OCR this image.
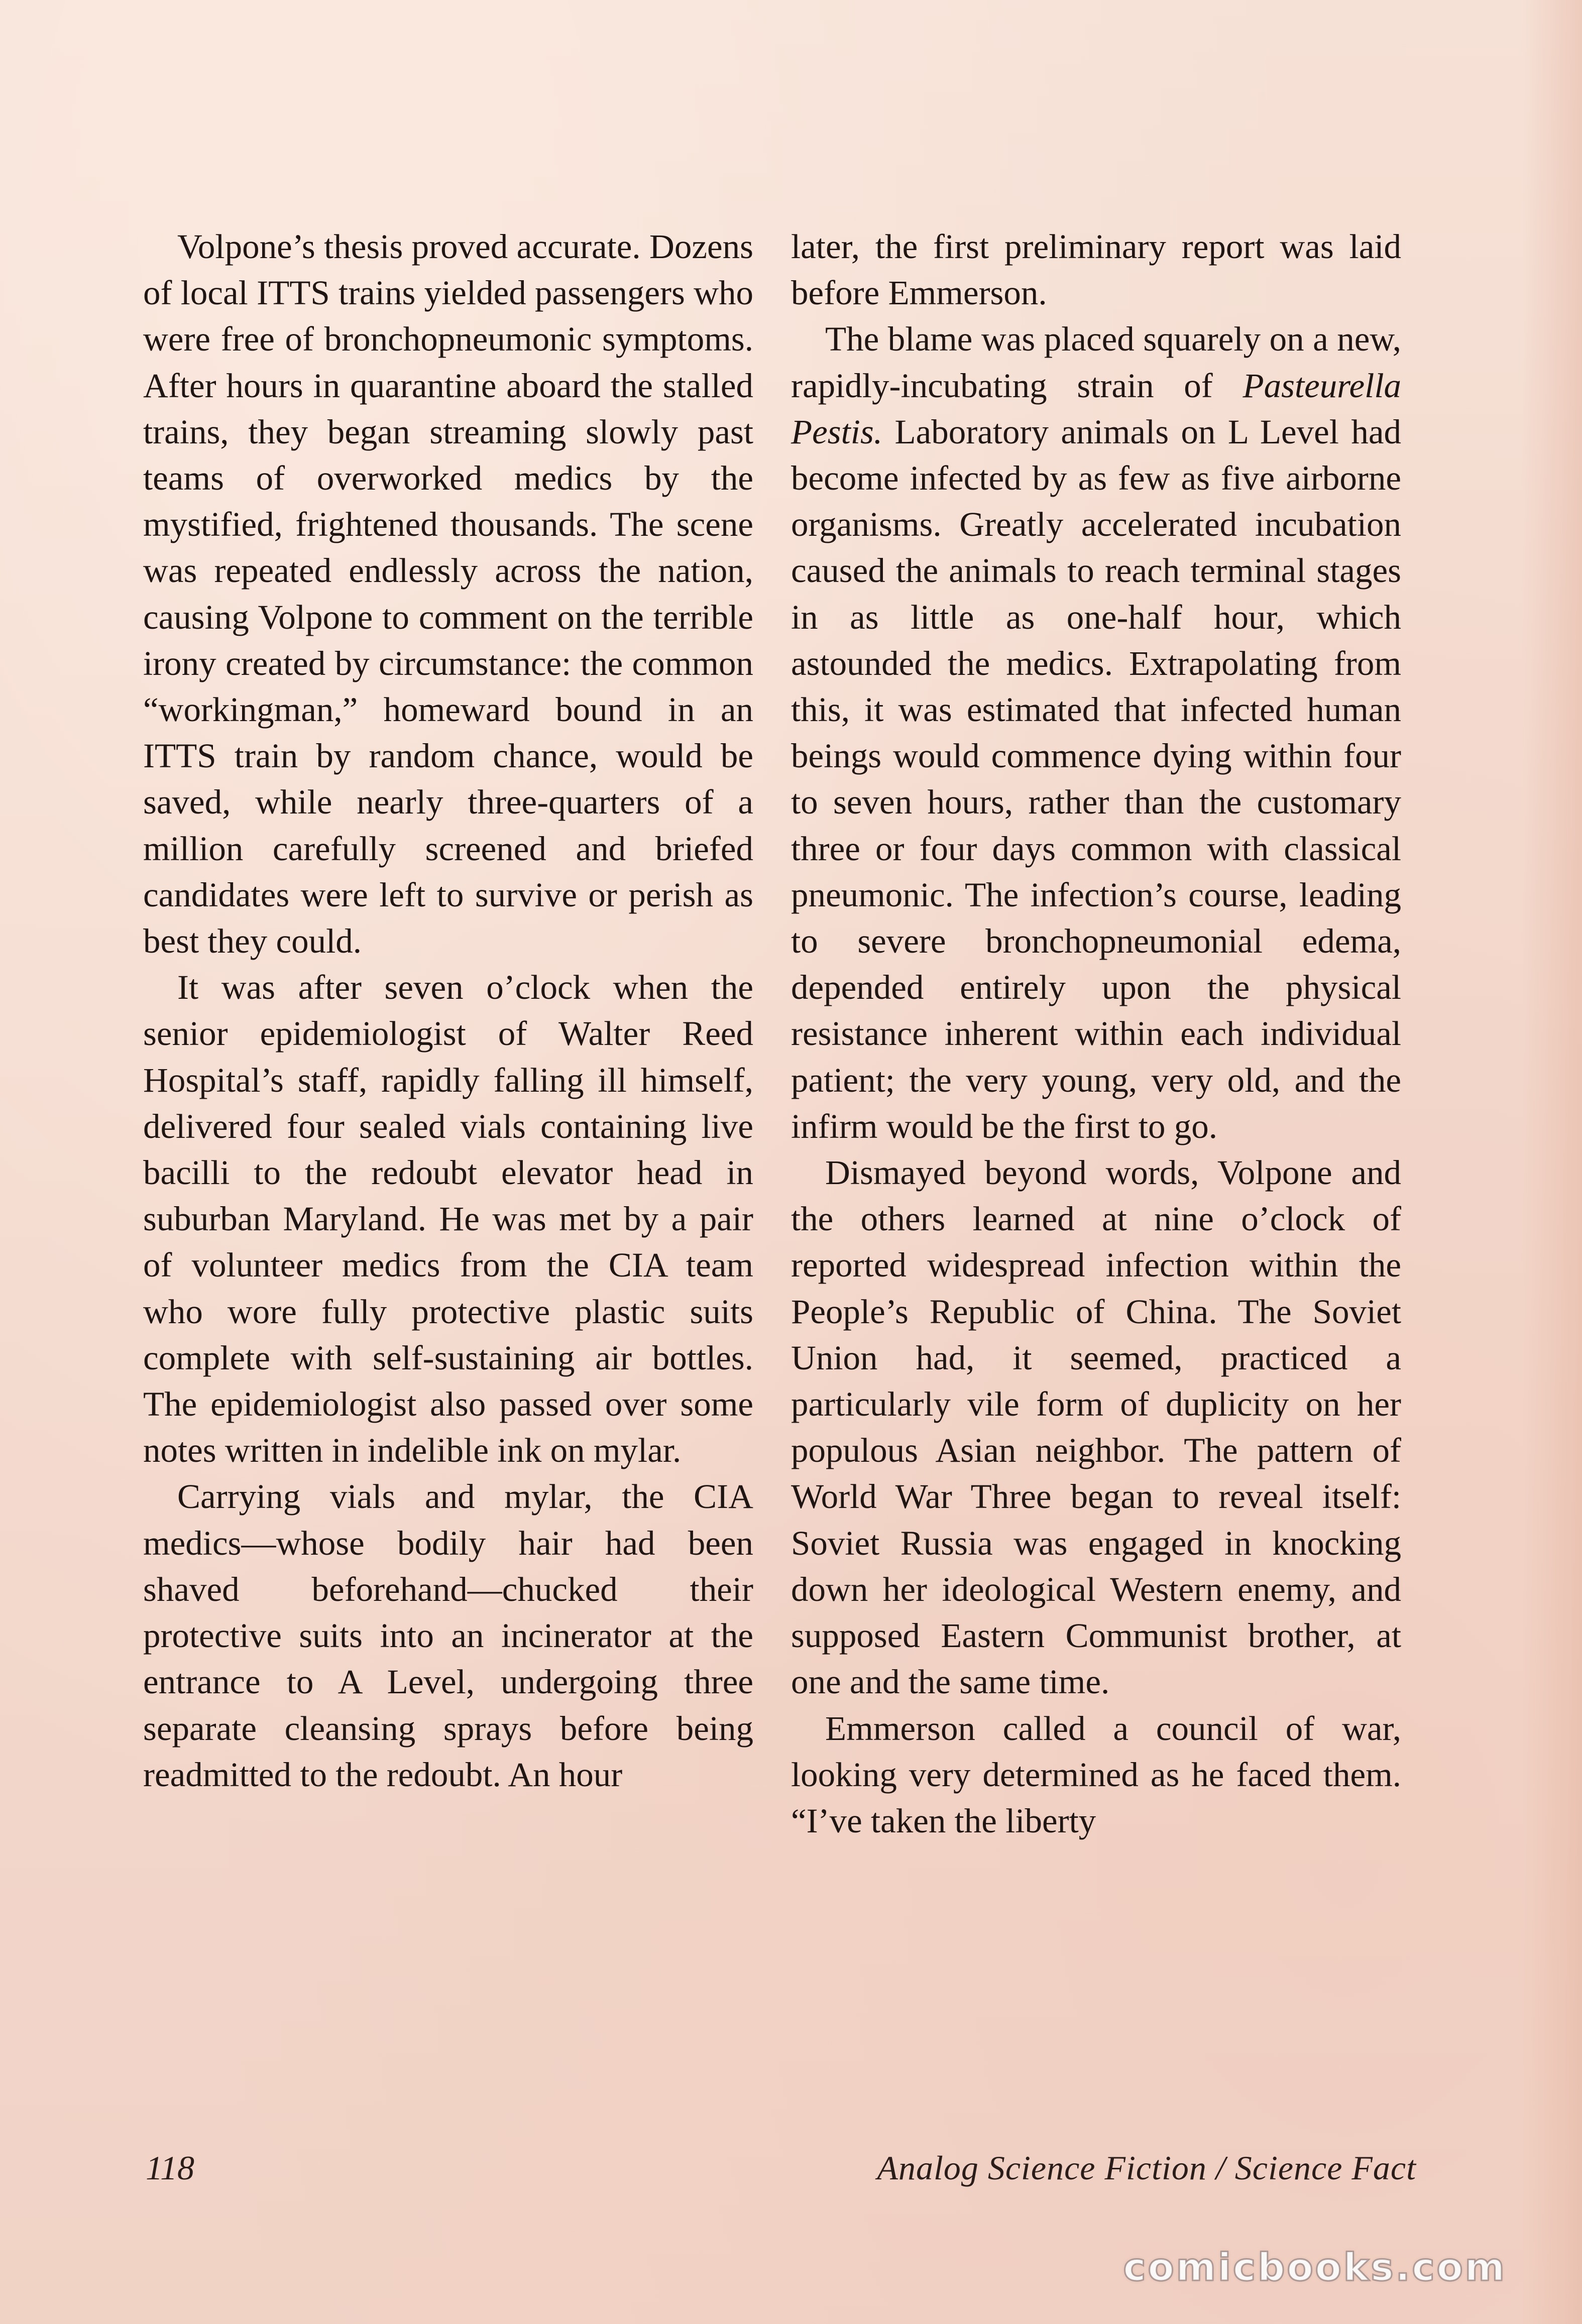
Volpone’s thesis proved accurate. Dozens of local ITTS trains yielded passengers who were free of bronchopneumonic symptoms. After hours in quarantine aboard the stalled trains, they began streaming slowly past teams of overworked medics by the mystified, frightened thousands. The scene was repeated endlessly across the nation, causing Volpone to comment on the terrible irony created by circumstance: the common “workingman,” homeward bound in an ITTS train by random chance, would be saved, while nearly three-quarters of a million carefully screened and briefed candidates were left to survive or perish as best they could.

It was after seven o’clock when the senior epidemiologist of Walter Reed Hospital’s staff, rapidly falling ill himself, delivered four sealed vials containing live bacilli to the redoubt elevator head in suburban Maryland. He was met by a pair of volunteer medics from the CIA team who wore fully protective plastic suits complete with self-sustaining air bottles. The epidemiologist also passed over some notes written in indelible ink on mylar.

Carrying vials and mylar, the CIA medics—whose bodily hair had been shaved beforehand—chucked their protective suits into an incinerator at the entrance to A Level, undergoing three separate cleansing sprays before being readmitted to the redoubt. An hour

later, the first preliminary report was laid before Emmerson.

The blame was placed squarely on a new, rapidly-incubating strain of Pasteurella Pestis. Laboratory animals on L Level had become infected by as few as five airborne organisms. Greatly accelerated incubation caused the animals to reach terminal stages in as little as one-half hour, which astounded the medics. Extrapolating from this, it was estimated that infected human beings would commence dying within four to seven hours, rather than the customary three or four days common with classical pneumonic. The infection’s course, leading to severe bronchopneumonial edema, depended entirely upon the physical resistance inherent within each individual patient; the very young, very old, and the infirm would be the first to go.

Dismayed beyond words, Volpone and the others learned at nine o’clock of reported widespread infection within the People’s Republic of China. The Soviet Union had, it seemed, practiced a particularly vile form of duplicity on her populous Asian neighbor. The pattern of World War Three began to reveal itself: Soviet Russia was engaged in knocking down her ideological Western enemy, and supposed Eastern Communist brother, at one and the same time.

Emmerson called a council of war, looking very determined as he faced them. “I’ve taken the liberty

118	Analog Science Fiction / Science Fact
comicbooks.com
